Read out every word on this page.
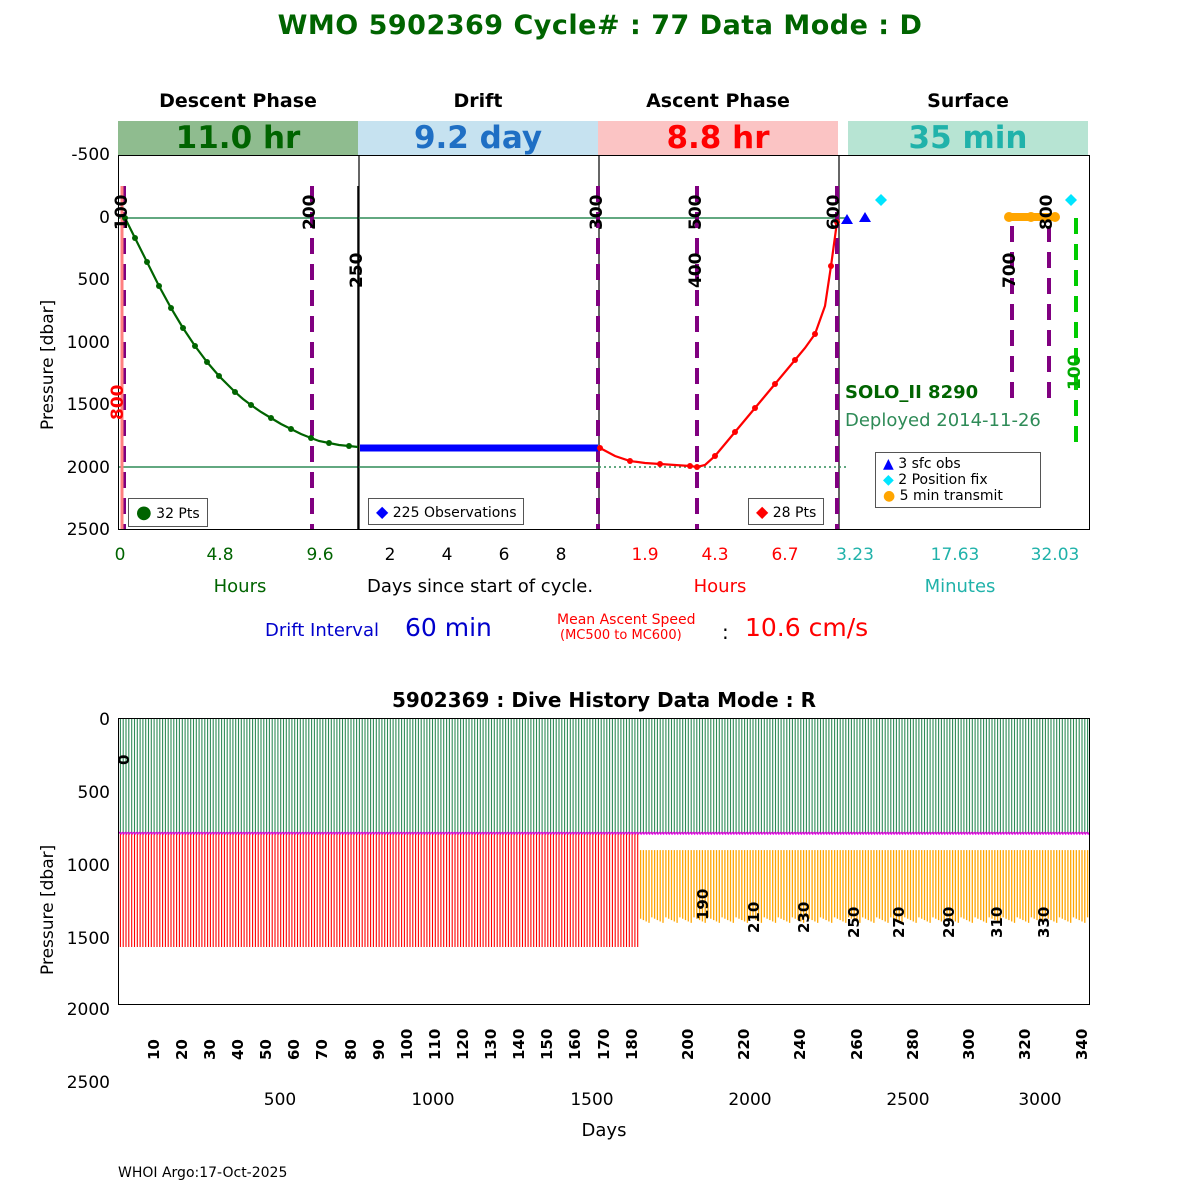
WMO 5902369 Cycle# : 77 Data Mode : D
Descent Phase	Drift	Ascent Phase	Surface
11.0 hr	9.2 day	8.8 hr	35 min
Pressure [dbar]
-500
0
500
1000
1500
2000
2500
100	200
250
300
400
500	600
700
800
100
800	SOLO_II 8290
Deployed 2014-11-26
● 32 Pts	◆ 225 Observations	◆ 28 Pts
▲ 3 sfc obs
◆ 2 Position fix
● 5 min transmit
0	4.8	9.6	2	4	6	8	1.9	4.3	6.7	3.23	17.63	32.03
Hours	Days since start of cycle.	Hours	Minutes
Drift Interval 60 min	Mean Ascent Speed
(MC500 to MC600) : 10.6 cm/s
5902369 : Dive History Data Mode : R
Pressure [dbar]
0
500
1000
1500
2000
2500
190 210 230 250 270 290 310 330
0
10 20 30 40 50 60 70 80 90 100 110 120 130 140 150 160 170 180	200	220	240	260	280	300	320	340
500	1000	1500	2000	2500	3000
Days
WHOI Argo:17-Oct-2025
